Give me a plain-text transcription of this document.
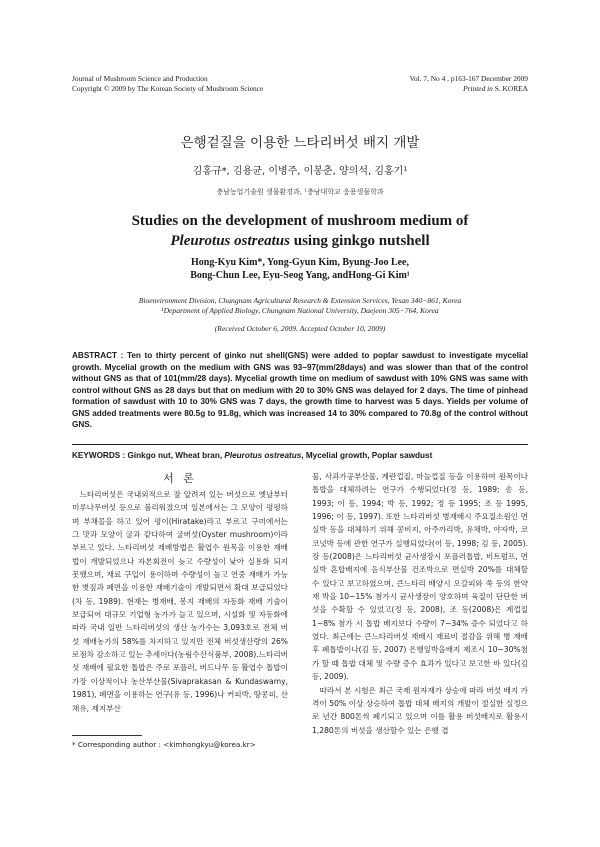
Journal of Mushroom Science and Production
Copyright © 2009 by The Korean Society of Mushroom Science
Vol. 7, No 4 , p163-167 December 2009
Printed in S. KOREA
은행겉질을 이용한 느타리버섯 배지 개발
김홍규*, 김용균, 이병주, 이봉춘, 양의석, 김홍기¹
충남농업기술원 생물환경과, ¹충남대학교 응용생물학과
Studies on the development of mushroom medium of
Pleurotus ostreatus using ginkgo nutshell
Hong-Kyu Kim*, Yong-Gyun Kim, Byung-Joo Lee,
Bong-Chun Lee, Eyu-Seog Yang, andHong-Gi Kim¹
Bioenvironment Division, Chungnam Agricultural Research & Extension Services, Yesan 340−861, Korea
¹Department of Applied Biology, Chungnam National University, Daejeon 305−764, Korea
(Received October 6, 2009. Accepted October 10, 2009)
ABSTRACT : Ten to thirty percent of ginko nut shell(GNS) were added to poplar sawdust to investigate mycelial growth. Mycelial growth on the medium with GNS was 93−97(mm/28days) and was slower than that of the control without GNS as that of 101(mm/28 days). Mycelial growth time on medium of sawdust with 10% GNS was same with control without GNS as 28 days but that on medium with 20 to 30% GNS was delayed for 2 days. The time of pinhead formation of sawdust with 10 to 30% GNS was 7 days, the growth time to harvest was 5 days. Yields per volume of GNS added treatments were 80.5g to 91.8g, which was increased 14 to 30% compared to 70.8g of the control without GNS.
KEYWORDS : Ginkgo nut, Wheat bran, Pleurotus ostreatus, Mycelial growth, Poplar sawdust
서 론

느타리버섯은 국내외적으로 잘 알려져 있는 버섯으로 옛날부터 미루나무버섯 등으로 불리워졌으며 일본에서는 그 모양이 평평하며 부채꼴을 하고 있어 평이(Hiratake)라고 부르고 구미에서는 그 맛과 모양이 굴과 같다하여 굴버섯(Oyster mushroom)이라 부르고 있다. 느타리버섯 재배방법은 활엽수 원목을 이용한 재배법이 개발되었으나 자본회전이 늦고 수량성이 낮아 실용화 되지 못했으며, 재료 구입이 용이하며 수량성이 높고 연중 재배가 가능한 볏짚과 폐면을 이용한 재배기술이 개발되면서 확대 보급되었다(차 등, 1989). 현재는 병재배, 봉지 재배의 자동화 재배 기술이 보급되어 대규모 기업형 농가가 늘고 있으며, 시설화 및 자동화에 따라 국내 일반 느타리버섯의 생산 농가수는 3,093호로 전체 버섯 재배농가의 58%를 차지하고 있지만 전체 버섯생산량의 26%로점차 감소하고 있는 추세이다(농림수산식품부, 2008).느타리버섯 재배에 필요한 톱밥은 주로 포플러, 버드나무 등 활엽수 톱밥이 가장 이상적이나 농산부산물(Sivaprakasan & Kundaswamy, 1981), 폐면을 이용하는 연구(유 등, 1996)나 커피박, 땅콩피, 산채유, 제지부산

물, 사과가공부산물, 계란껍질, 마늘껍질 등을 이용하여 원목이나 톱밥을 대체하려는 연구가 수행되었다(정 등, 1989; 송 등, 1993; 이 등, 1994; 박 등, 1992; 정 등 1995; 조 등 1995, 1996; 이 등, 1997). 또한 느타리버섯 병재배시 주요질소원인 면실박 등을 대체하기 위해 콩비지, 아주까리박, 유채박, 야자박, 코코넛박 등에 관한 연구가 실행되었다(이 등, 1998; 김 등, 2005).장 등(2008)은 느타리버섯 균사생장시 포플러톱밥, 비트펄프, 면실박 혼합배지에 음식부산물 건조박으로 면실박 20%를 대체할 수 있다고 보고하였으며, 큰느타리 배양시 오갈피와 쑥 등의 한약재 박을 10~15% 첨가시 균사생장이 양호하며 육질이 단단한 버섯을 수확할 수 있었고(정 등, 2008), 조 등(2008)은 계껍질 1~8% 첨가 시 톱밥 배지보다 수량이 7~34% 증수 되었다고 하였다. 최근에는 큰느타리버섯 재배시 재료비 절감을 위해 병 재배 후 폐톱밥이나(김 등, 2007) 은행잎박을배지 제조시 10~30%첨가 할 때 톱밥 대체 및 수량 증수 효과가 있다고 보고한 바 있다(김 등, 2009).

따라서 본 시험은 최근 국제 원자재가 상승에 따라 버섯 배지 가격이 50% 이상 상승하여 톱밥 대체 배지의 개발이 절실한 실정으로 년간 800톤씩 폐기되고 있으며 이를 활용 버섯배지로 활용시 1,280톤의 버섯을 생산할수 있는 은행 겹

* Corresponding author : <kimhongkyu@korea.kr>
